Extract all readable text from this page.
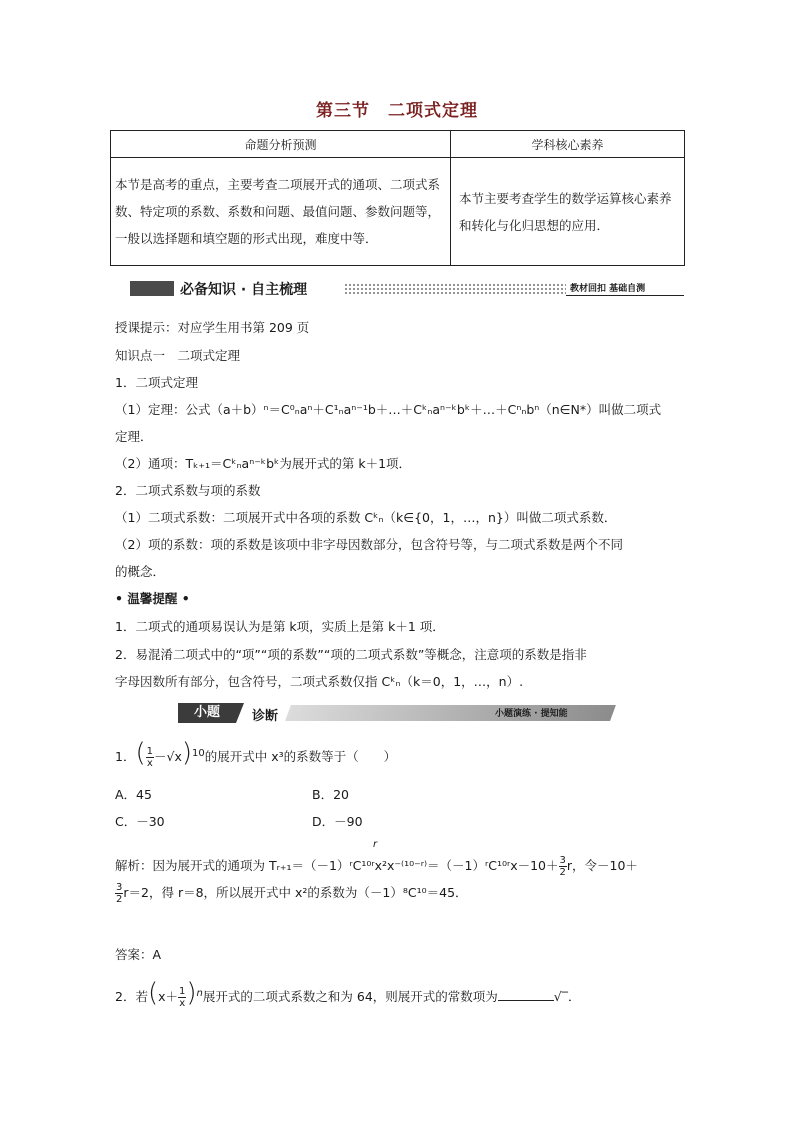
第三节　二项式定理
命题分析预测	学科核心素养
本节是高考的重点，主要考查二项展开式的通项、二项式系数、特定项的系数、系数和问题、最值问题、参数问题等，一般以选择题和填空题的形式出现，难度中等．	本节主要考查学生的数学运算核心素养和转化与化归思想的应用．
必备知识 · 自主梳理	教材回扣 基础自测
授课提示：对应学生用书第 209 页
知识点一　二项式定理
1．二项式定理
（1）定理：公式（a＋b）ⁿ＝C⁰ₙaⁿ＋C¹ₙaⁿ⁻¹b＋…＋Cᵏₙaⁿ⁻ᵏbᵏ＋…＋Cⁿₙbⁿ（n∈N*）叫做二项式
定理．
（2）通项：Tₖ₊₁＝Cᵏₙaⁿ⁻ᵏbᵏ为展开式的第 k＋1项．
2．二项式系数与项的系数
（1）二项式系数：二项展开式中各项的系数 Cᵏₙ（k∈{0，1，…，n}）叫做二项式系数．
（2）项的系数：项的系数是该项中非字母因数部分，包含符号等，与二项式系数是两个不同
的概念．
• 温馨提醒 •
1．二项式的通项易误认为是第 k项，实质上是第 k＋1 项．
2．易混淆二项式中的“项”“项的系数”“项的二项式系数”等概念，注意项的系数是指非
字母因数所有部分，包含符号，二项式系数仅指 Cᵏₙ（k＝0，1，…，n）.
小题	诊断	小题演练 · 提知能
1．( $\frac{1}{x}-√x)^{10}$的展开式中 x³的系数等于（　　）
A．45	B．20
C．－30	D．－90
r
解析：因为展开式的通项为 Tᵣ₊₁＝（－1）ʳC¹⁰ʳx²x⁻⁽¹⁰⁻ʳ⁾＝（－1）ʳC¹⁰ʳx－10＋ $\frac{3}{2}r$，令－10＋
$\frac{3}{2}r=2$，得 r＝8，所以展开式中 x²的系数为（－1）⁸C¹⁰＝45．
答案：A
2．若$(x+ \frac{1}{x})^n$展开式的二项式系数之和为 64，则展开式的常数项为	√‾．
